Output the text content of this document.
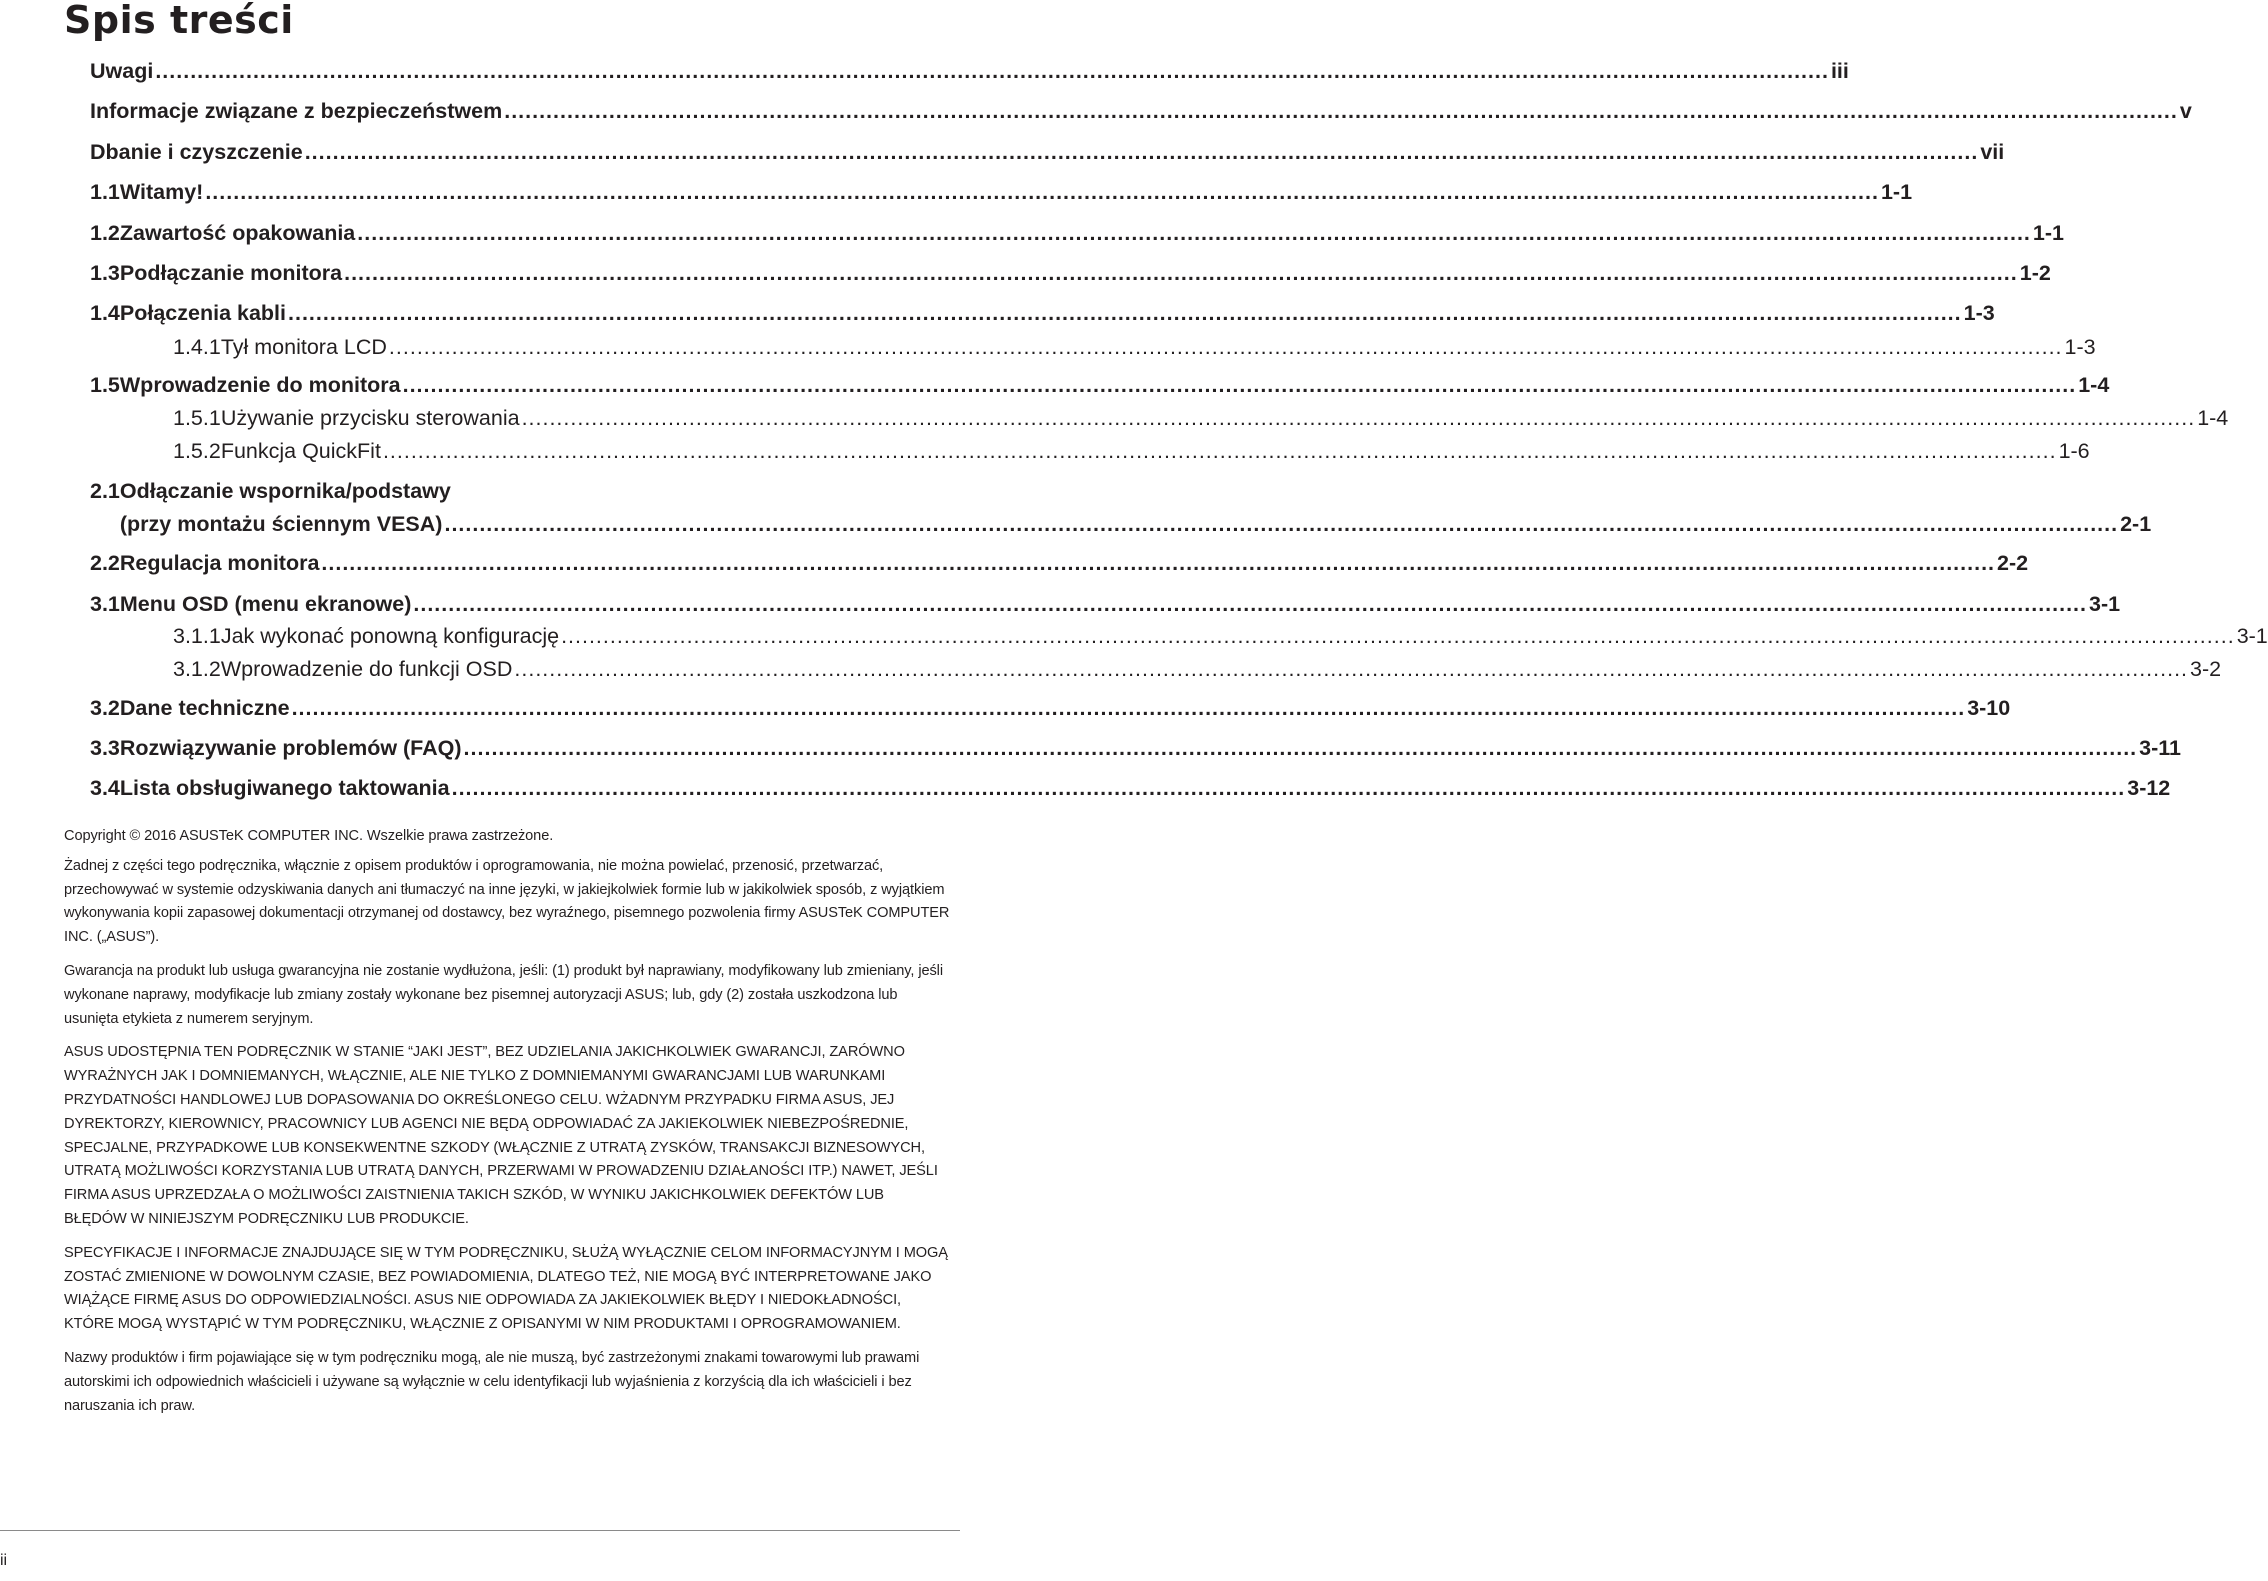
Spis treści
Uwagi .....	iii
Informacje związane z bezpieczeństwem .....	v
Dbanie i czyszczenie .....	vii
1.1 Witamy! .....	1-1
1.2 Zawartość opakowania .....	1-1
1.3 Podłączanie monitora .....	1-2
1.4 Połączenia kabli .....	1-3
1.4.1 Tył monitora LCD .....	1-3
1.5 Wprowadzenie do monitora .....	1-4
1.5.1 Używanie przycisku sterowania .....	1-4
1.5.2 Funkcja QuickFit .....	1-6
2.1 Odłączanie wspornika/podstawy
(przy montażu ściennym VESA) .....	2-1
2.2 Regulacja monitora .....	2-2
3.1 Menu OSD (menu ekranowe) .....	3-1
3.1.1 Jak wykonać ponowną konfigurację .....	3-1
3.1.2 Wprowadzenie do funkcji OSD .....	3-2
3.2 Dane techniczne .....	3-10
3.3 Rozwiązywanie problemów (FAQ) .....	3-11
3.4 Lista obsługiwanego taktowania .....	3-12

Copyright © 2016 ASUSTeK COMPUTER INC. Wszelkie prawa zastrzeżone.

Żadnej z części tego podręcznika, włącznie z opisem produktów i oprogramowania, nie można powielać, przenosić, przetwarzać, przechowywać w systemie odzyskiwania danych ani tłumaczyć na inne języki, w jakiejkolwiek formie lub w jakikolwiek sposób, z wyjątkiem wykonywania kopii zapasowej dokumentacji otrzymanej od dostawcy, bez wyraźnego, pisemnego pozwolenia firmy ASUSTeK COMPUTER INC. („ASUS”).

Gwarancja na produkt lub usługa gwarancyjna nie zostanie wydłużona, jeśli: (1) produkt był naprawiany, modyfikowany lub zmieniany, jeśli wykonane naprawy, modyfikacje lub zmiany zostały wykonane bez pisemnej autoryzacji ASUS; lub, gdy (2) została uszkodzona lub usunięta etykieta z numerem seryjnym.

ASUS UDOSTĘPNIA TEN PODRĘCZNIK W STANIE “JAKI JEST”, BEZ UDZIELANIA JAKICHKOLWIEK GWARANCJI, ZARÓWNO WYRAŻNYCH JAK I DOMNIEMANYCH, WŁĄCZNIE, ALE NIE TYLKO Z DOMNIEMANYMI GWARANCJAMI LUB WARUNKAMI PRZYDATNOŚCI HANDLOWEJ LUB DOPASOWANIA DO OKREŚLONEGO CELU. WŻADNYM PRZYPADKU FIRMA ASUS, JEJ DYREKTORZY, KIEROWNICY, PRACOWNICY LUB AGENCI NIE BĘDĄ ODPOWIADAĆ ZA JAKIEKOLWIEK NIEBEZPOŚREDNIE, SPECJALNE, PRZYPADKOWE LUB KONSEKWENTNE SZKODY (WŁĄCZNIE Z UTRATĄ ZYSKÓW, TRANSAKCJI BIZNESOWYCH, UTRATĄ MOŻLIWOŚCI KORZYSTANIA LUB UTRATĄ DANYCH, PRZERWAMI W PROWADZENIU DZIAŁANOŚCI ITP.) NAWET, JEŚLI FIRMA ASUS UPRZEDZAŁA O MOŻLIWOŚCI ZAISTNIENIA TAKICH SZKÓD, W WYNIKU JAKICHKOLWIEK DEFEKTÓW LUB BŁĘDÓW W NINIEJSZYM PODRĘCZNIKU LUB PRODUKCIE.

SPECYFIKACJE I INFORMACJE ZNAJDUJĄCE SIĘ W TYM PODRĘCZNIKU, SŁUŻĄ WYŁĄCZNIE CELOM INFORMACYJNYM I MOGĄ ZOSTAĆ ZMIENIONE W DOWOLNYM CZASIE, BEZ POWIADOMIENIA, DLATEGO TEŻ, NIE MOGĄ BYĆ INTERPRETOWANE JAKO WIĄŻĄCE FIRMĘ ASUS DO ODPOWIEDZIALNOŚCI. ASUS NIE ODPOWIADA ZA JAKIEKOLWIEK BŁĘDY I NIEDOKŁADNOŚCI, KTÓRE MOGĄ WYSTĄPIĆ W TYM PODRĘCZNIKU, WŁĄCZNIE Z OPISANYMI W NIM PRODUKTAMI I OPROGRAMOWANIEM.

Nazwy produktów i firm pojawiające się w tym podręczniku mogą, ale nie muszą, być zastrzeżonymi znakami towarowymi lub prawami autorskimi ich odpowiednich właścicieli i używane są wyłącznie w celu identyfikacji lub wyjaśnienia z korzyścią dla ich właścicieli i bez naruszania ich praw.

ii
